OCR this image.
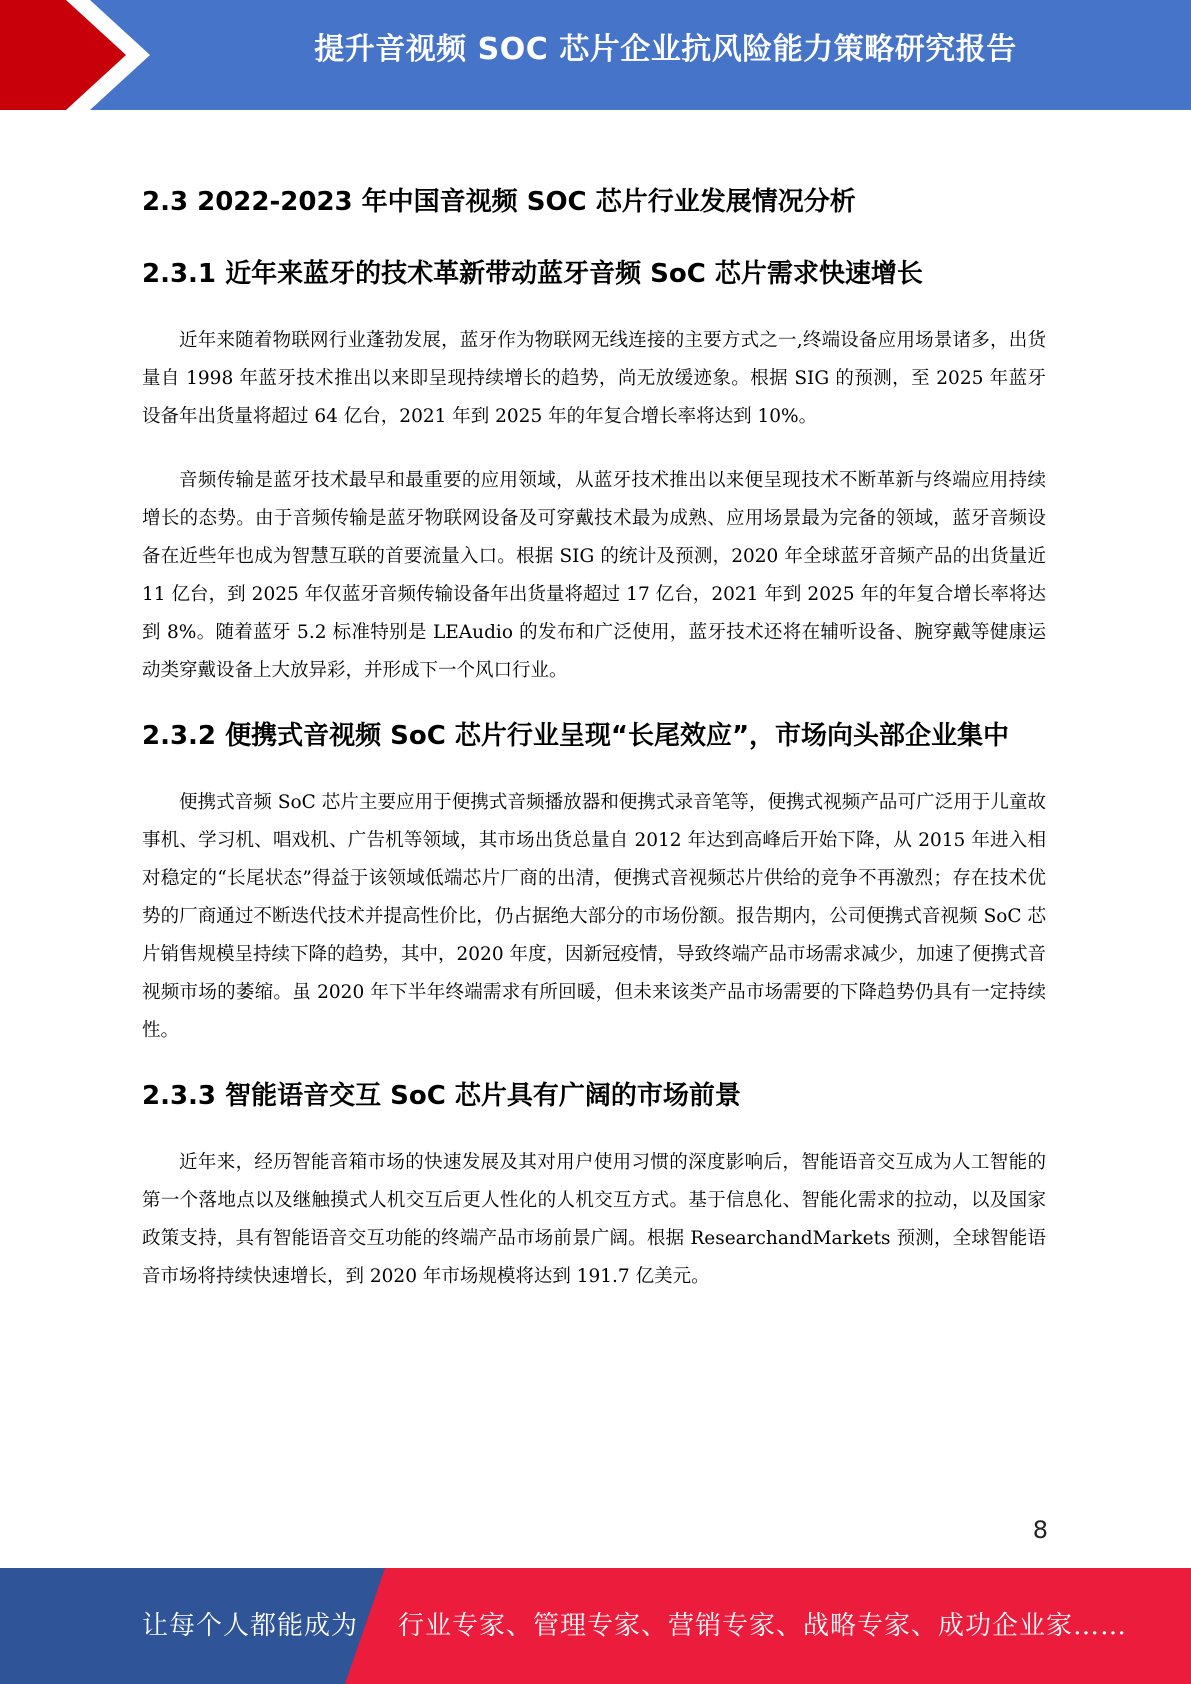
提升音视频 SOC 芯片企业抗风险能力策略研究报告
2.3 2022-2023 年中国音视频 SOC 芯片行业发展情况分析
2.3.1 近年来蓝牙的技术革新带动蓝牙音频 SoC 芯片需求快速增长

近年来随着物联网行业蓬勃发展，蓝牙作为物联网无线连接的主要方式之一,终端设备应用场景诸多，出货量自 1998 年蓝牙技术推出以来即呈现持续增长的趋势，尚无放缓迹象。根据 SIG 的预测，至 2025 年蓝牙设备年出货量将超过 64 亿台，2021 年到 2025 年的年复合增长率将达到 10%。

音频传输是蓝牙技术最早和最重要的应用领域，从蓝牙技术推出以来便呈现技术不断革新与终端应用持续增长的态势。由于音频传输是蓝牙物联网设备及可穿戴技术最为成熟、应用场景最为完备的领域，蓝牙音频设备在近些年也成为智慧互联的首要流量入口。根据 SIG 的统计及预测，2020 年全球蓝牙音频产品的出货量近 11 亿台，到 2025 年仅蓝牙音频传输设备年出货量将超过 17 亿台，2021 年到 2025 年的年复合增长率将达到 8%。随着蓝牙 5.2 标准特别是 LEAudio 的发布和广泛使用，蓝牙技术还将在辅听设备、腕穿戴等健康运动类穿戴设备上大放异彩，并形成下一个风口行业。

2.3.2 便携式音视频 SoC 芯片行业呈现“长尾效应”，市场向头部企业集中

便携式音频 SoC 芯片主要应用于便携式音频播放器和便携式录音笔等，便携式视频产品可广泛用于儿童故事机、学习机、唱戏机、广告机等领域，其市场出货总量自 2012 年达到高峰后开始下降，从 2015 年进入相对稳定的“长尾状态”得益于该领域低端芯片厂商的出清，便携式音视频芯片供给的竞争不再激烈；存在技术优势的厂商通过不断迭代技术并提高性价比，仍占据绝大部分的市场份额。报告期内，公司便携式音视频 SoC 芯片销售规模呈持续下降的趋势，其中，2020 年度，因新冠疫情，导致终端产品市场需求减少，加速了便携式音视频市场的萎缩。虽 2020 年下半年终端需求有所回暖，但未来该类产品市场需要的下降趋势仍具有一定持续性。

2.3.3 智能语音交互 SoC 芯片具有广阔的市场前景

近年来，经历智能音箱市场的快速发展及其对用户使用习惯的深度影响后，智能语音交互成为人工智能的第一个落地点以及继触摸式人机交互后更人性化的人机交互方式。基于信息化、智能化需求的拉动，以及国家政策支持，具有智能语音交互功能的终端产品市场前景广阔。根据 ResearchandMarkets 预测，全球智能语音市场将持续快速增长，到 2020 年市场规模将达到 191.7 亿美元。

8
让每个人都能成为 行业专家、管理专家、营销专家、战略专家、成功企业家……
